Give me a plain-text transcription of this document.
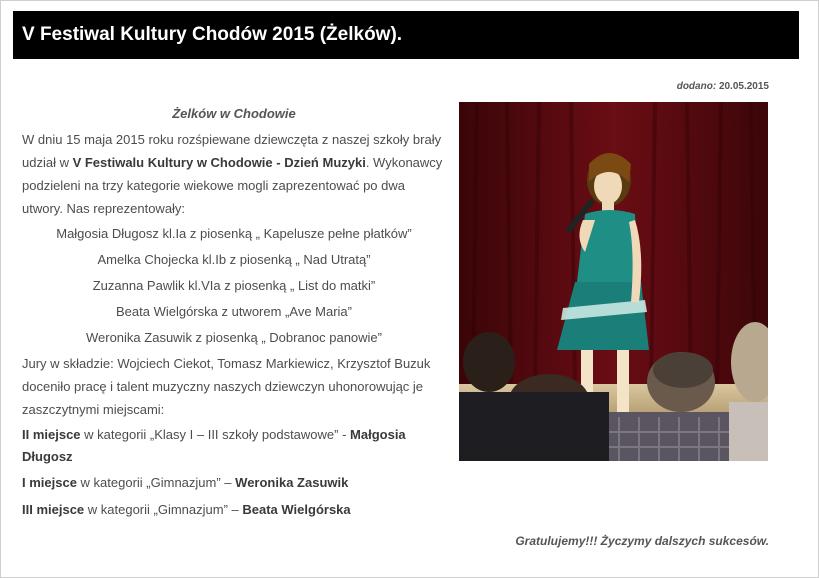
V Festiwal Kultury Chodów 2015 (Żelków).
dodano: 20.05.2015

Żelków w Chodowie

W dniu 15 maja 2015 roku rozśpiewane dziewczęta z naszej szkoły brały udział w V Festiwalu Kultury w Chodowie - Dzień Muzyki. Wykonawcy podzieleni na trzy kategorie wiekowe mogli zaprezentować po dwa utwory. Nas reprezentowały:

Małgosia Długosz kl.Ia z piosenką „ Kapelusze pełne płatków”

Amelka Chojecka kl.Ib z piosenką „ Nad Utratą”

Zuzanna Pawlik kl.VIa z piosenką „ List do matki”

Beata Wielgórska z utworem „Ave Maria”

Weronika Zasuwik z piosenką „ Dobranoc panowie”

Jury w składzie: Wojciech Ciekot, Tomasz Markiewicz, Krzysztof Buzuk doceniło pracę i talent muzyczny naszych dziewczyn uhonorowując je zaszczytnymi miejscami:

II miejsce w kategorii „Klasy I – III szkoły podstawowe” - Małgosia Długosz

I miejsce w kategorii „Gimnazjum” – Weronika Zasuwik

III miejsce w kategorii „Gimnazjum” – Beata Wielgórska

Gratulujemy!!! Życzymy dalszych sukcesów.
